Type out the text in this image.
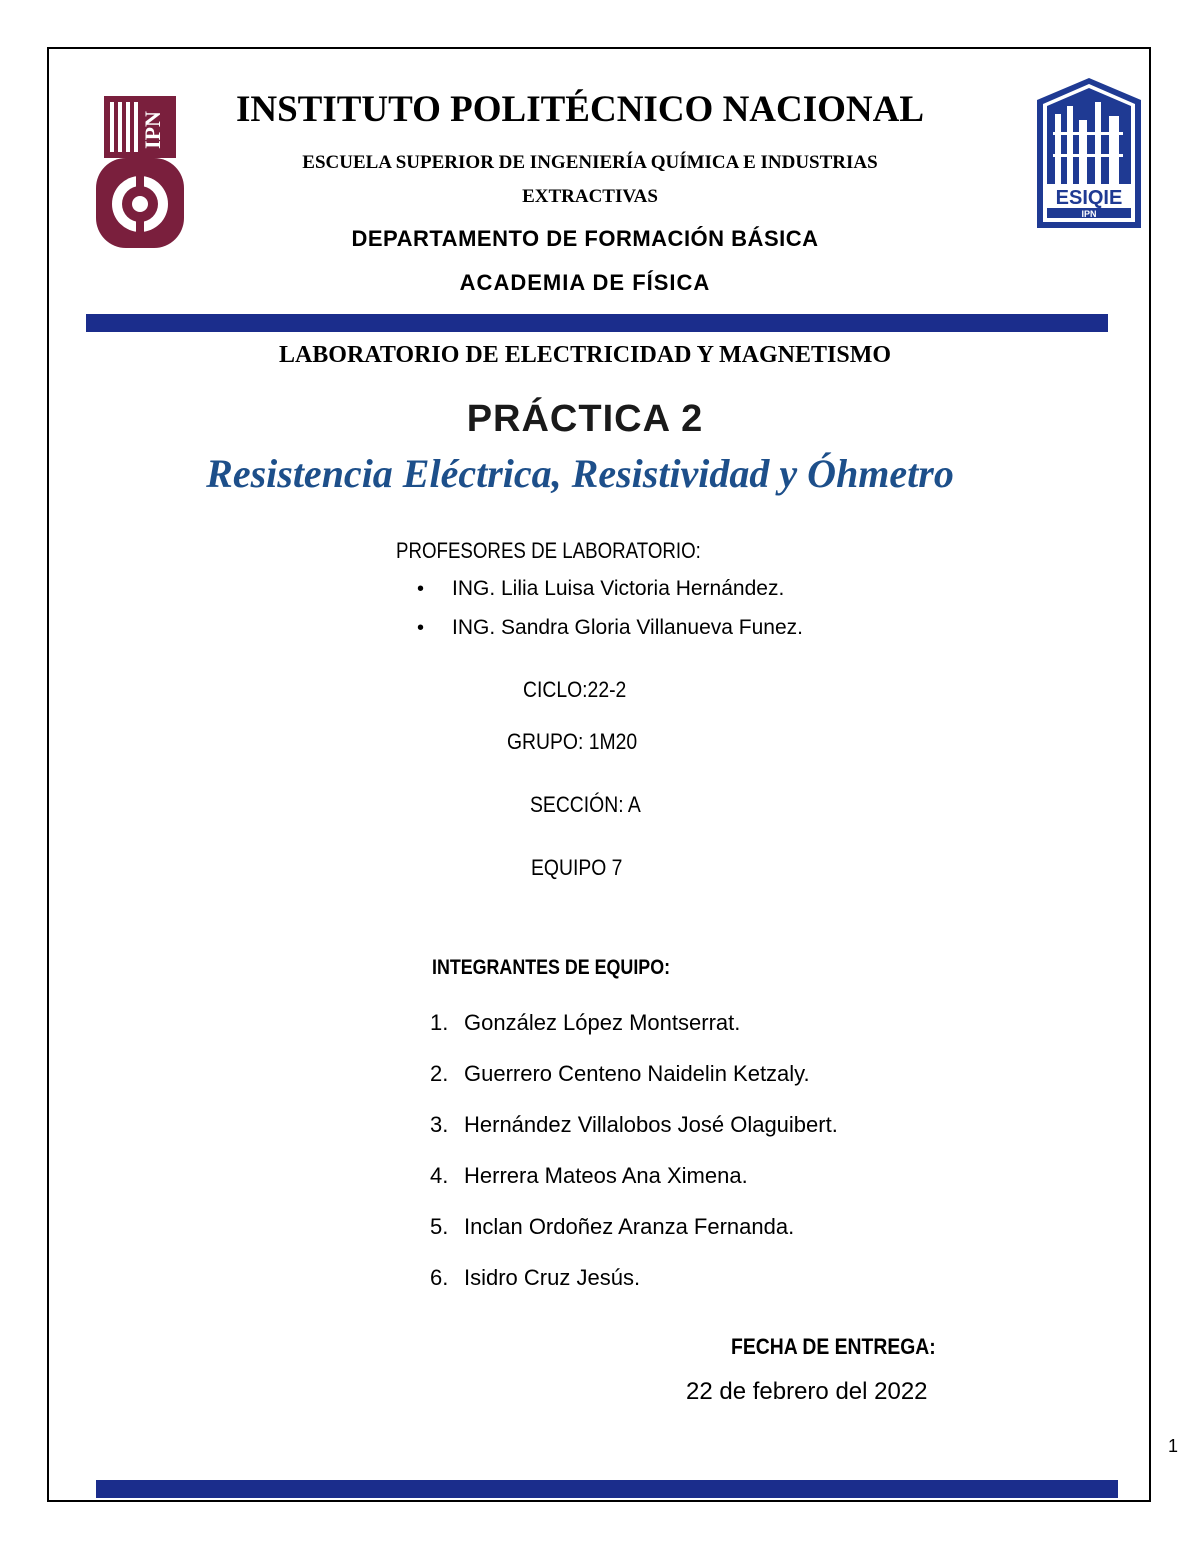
IPN
ESIQIE
IPN
INSTITUTO POLITÉCNICO NACIONAL
ESCUELA SUPERIOR DE INGENIERÍA QUÍMICA E INDUSTRIAS
EXTRACTIVAS
DEPARTAMENTO DE FORMACIÓN BÁSICA
ACADEMIA DE FÍSICA
LABORATORIO DE ELECTRICIDAD Y MAGNETISMO
PRÁCTICA 2
Resistencia Eléctrica, Resistividad y Óhmetro
PROFESORES DE LABORATORIO:
• ING. Lilia Luisa Victoria Hernández.
• ING. Sandra Gloria Villanueva Funez.
CICLO:22-2
GRUPO: 1M20
SECCIÓN: A
EQUIPO 7
INTEGRANTES DE EQUIPO:
1. González López Montserrat.
2. Guerrero Centeno Naidelin Ketzaly.
3. Hernández Villalobos José Olaguibert.
4. Herrera Mateos Ana Ximena.
5. Inclan Ordoñez Aranza Fernanda.
6. Isidro Cruz Jesús.
FECHA DE ENTREGA:
22 de febrero del 2022
1
